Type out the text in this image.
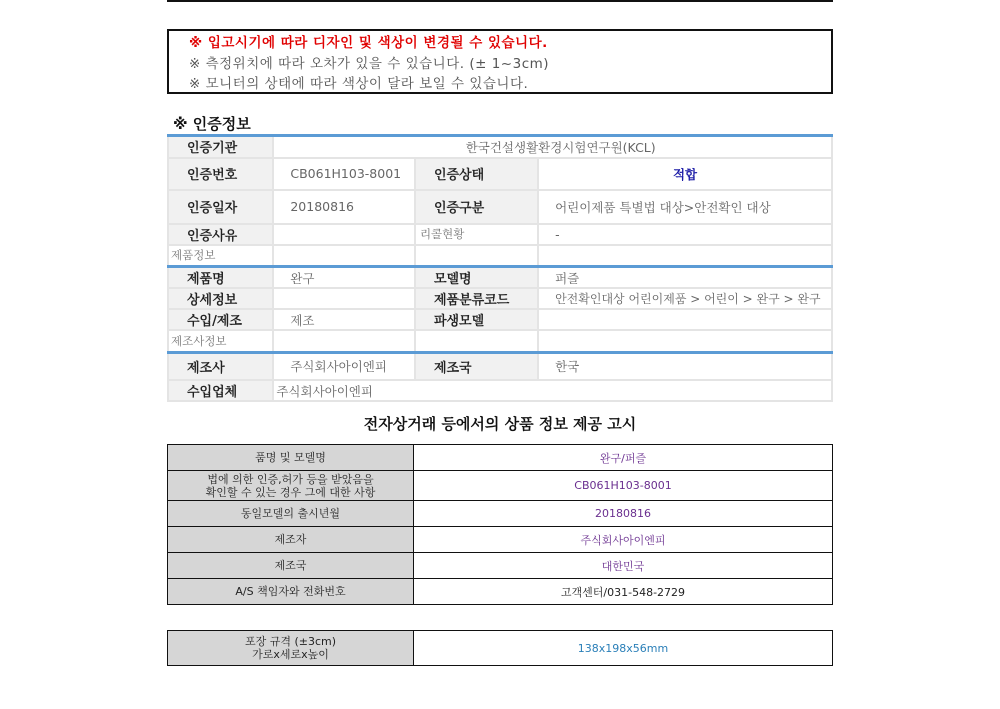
※ 입고시기에 따라 디자인 및 색상이 변경될 수 있습니다.
※ 측정위치에 따라 오차가 있을 수 있습니다. (± 1~3cm)
※ 모니터의 상태에 따라 색상이 달라 보일 수 있습니다.
※ 인증정보
인증기관	한국건설생활환경시험연구원(KCL)		
인증번호	CB061H103-8001	인증상태	적합
인증일자	20180816	인증구분	어린이제품 특별법 대상>안전확인 대상
인증사유		리콜현황	-
제품정보			
제품명	완구	모델명	퍼즐
상세정보		제품분류코드	안전확인대상 어린이제품 > 어린이 > 완구 > 완구
수입/제조	제조	파생모델	
제조사정보			
제조사	주식회사아이엔피	제조국	한국
수입업체	주식회사아이엔피		
전자상거래 등에서의 상품 정보 제공 고시
품명 및 모델명	완구/퍼즐
법에 의한 인증,허가 등을 받았음을
확인할 수 있는 경우 그에 대한 사항	CB061H103-8001
동일모델의 출시년월	20180816
제조자	주식회사아이엔피
제조국	대한민국
A/S 책임자와 전화번호	고객센터/031-548-2729
포장 규격 (±3cm)
가로x세로x높이	138x198x56mm
